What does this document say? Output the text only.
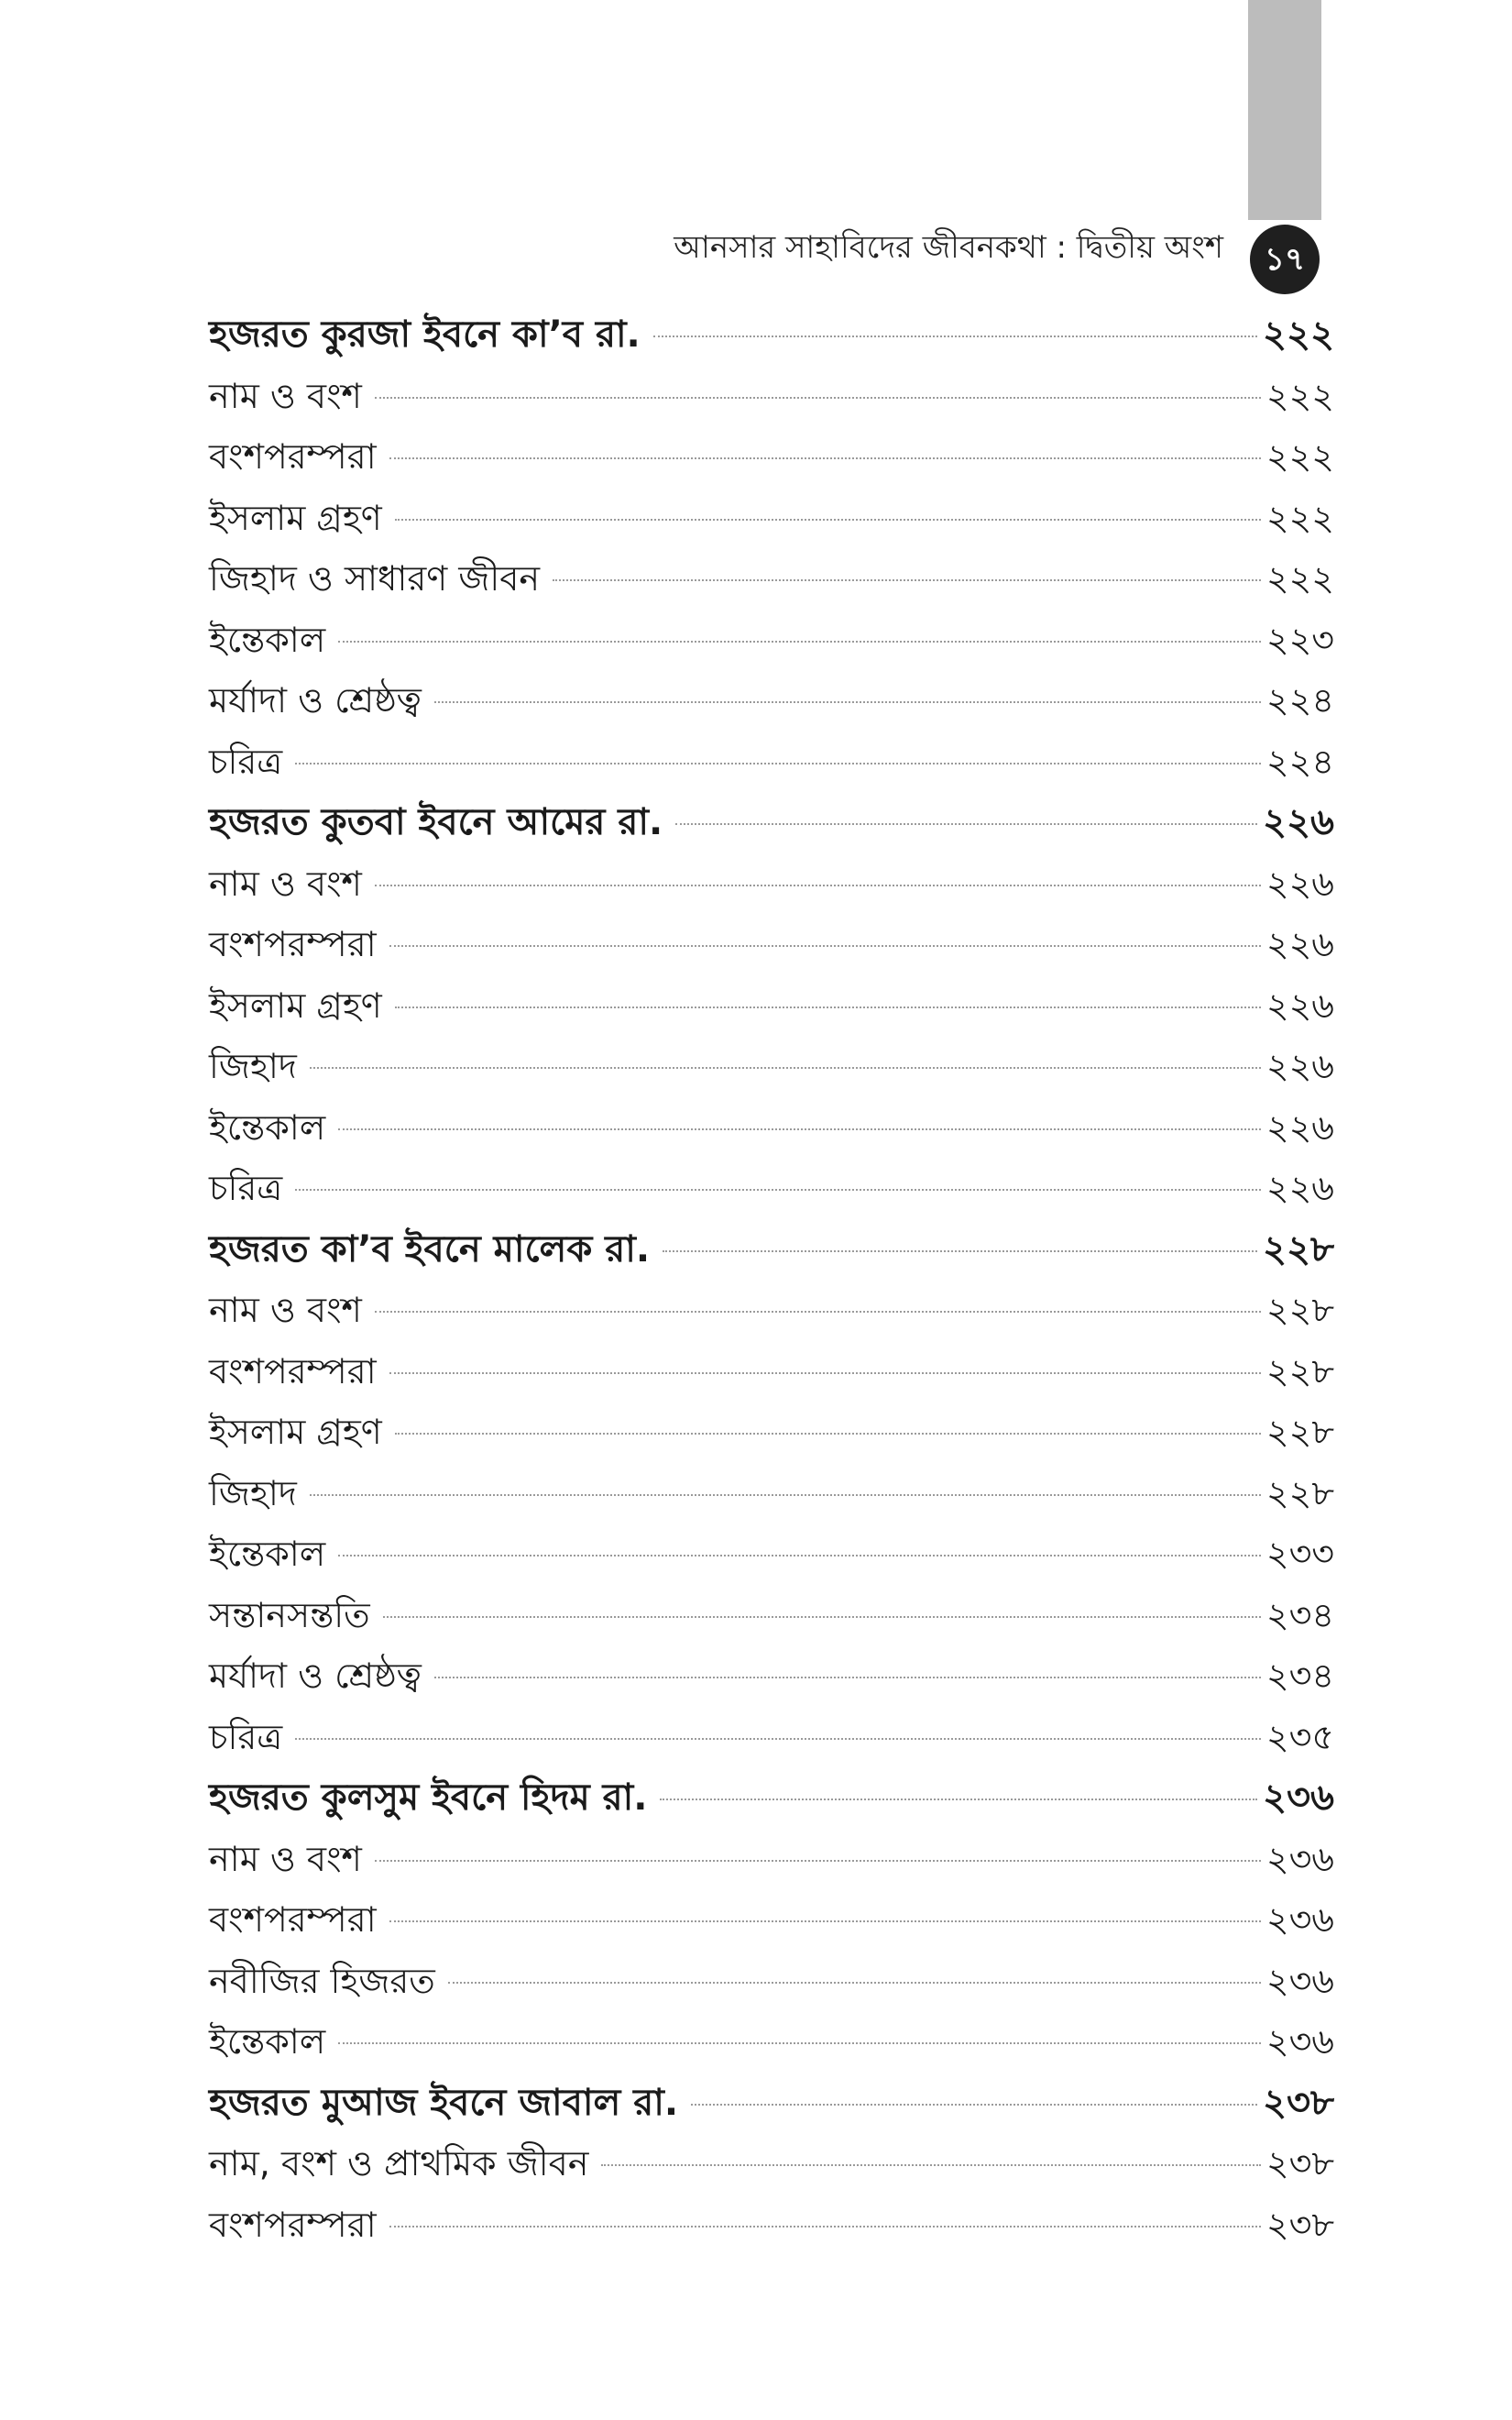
আনসার সাহাবিদের জীবনকথা : দ্বিতীয় অংশ	১৭
হজরত কুরজা ইবনে কা’ব রা.	২২২
নাম ও বংশ	২২২
বংশপরম্পরা	২২২
ইসলাম গ্রহণ	২২২
জিহাদ ও সাধারণ জীবন	২২২
ইন্তেকাল	২২৩
মর্যাদা ও শ্রেষ্ঠত্ব	২২৪
চরিত্র	২২৪
হজরত কুতবা ইবনে আমের রা.	২২৬
নাম ও বংশ	২২৬
বংশপরম্পরা	২২৬
ইসলাম গ্রহণ	২২৬
জিহাদ	২২৬
ইন্তেকাল	২২৬
চরিত্র	২২৬
হজরত কা’ব ইবনে মালেক রা.	২২৮
নাম ও বংশ	২২৮
বংশপরম্পরা	২২৮
ইসলাম গ্রহণ	২২৮
জিহাদ	২২৮
ইন্তেকাল	২৩৩
সন্তানসন্ততি	২৩৪
মর্যাদা ও শ্রেষ্ঠত্ব	২৩৪
চরিত্র	২৩৫
হজরত কুলসুম ইবনে হিদম রা.	২৩৬
নাম ও বংশ	২৩৬
বংশপরম্পরা	২৩৬
নবীজির হিজরত	২৩৬
ইন্তেকাল	২৩৬
হজরত মুআজ ইবনে জাবাল রা.	২৩৮
নাম, বংশ ও প্রাথমিক জীবন	২৩৮
বংশপরম্পরা	২৩৮
